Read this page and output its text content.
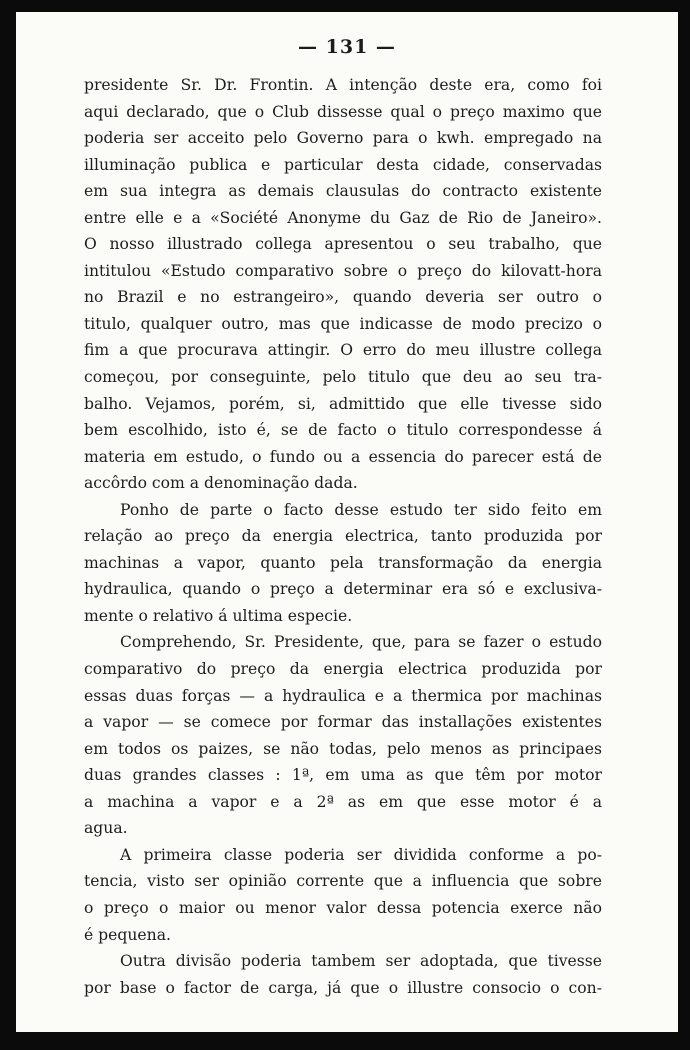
— 131 —
presidente Sr. Dr. Frontin. A intenção deste era, como foi
aqui declarado, que o Club dissesse qual o preço maximo que
poderia ser acceito pelo Governo para o kwh. empregado na
illuminação publica e particular desta cidade, conservadas
em sua integra as demais clausulas do contracto existente
entre elle e a «Société Anonyme du Gaz de Rio de Janeiro».
O nosso illustrado collega apresentou o seu trabalho, que
intitulou «Estudo comparativo sobre o preço do kilovatt-hora
no Brazil e no estrangeiro», quando deveria ser outro o
titulo, qualquer outro, mas que indicasse de modo precizo o
fim a que procurava attingir. O erro do meu illustre collega
começou, por conseguinte, pelo titulo que deu ao seu tra-
balho. Vejamos, porém, si, admittido que elle tivesse sido
bem escolhido, isto é, se de facto o titulo correspondesse á
materia em estudo, o fundo ou a essencia do parecer está de
accôrdo com a denominação dada.
Ponho de parte o facto desse estudo ter sido feito em
relação ao preço da energia electrica, tanto produzida por
machinas a vapor, quanto pela transformação da energia
hydraulica, quando o preço a determinar era só e exclusiva-
mente o relativo á ultima especie.
Comprehendo, Sr. Presidente, que, para se fazer o estudo
comparativo do preço da energia electrica produzida por
essas duas forças — a hydraulica e a thermica por machinas
a vapor — se comece por formar das installações existentes
em todos os paizes, se não todas, pelo menos as principaes
duas grandes classes : 1ª, em uma as que têm por motor
a machina a vapor e a 2ª as em que esse motor é a
agua.
A primeira classe poderia ser dividida conforme a po-
tencia, visto ser opinião corrente que a influencia que sobre
o preço o maior ou menor valor dessa potencia exerce não
é pequena.
Outra divisão poderia tambem ser adoptada, que tivesse
por base o factor de carga, já que o illustre consocio o con-
